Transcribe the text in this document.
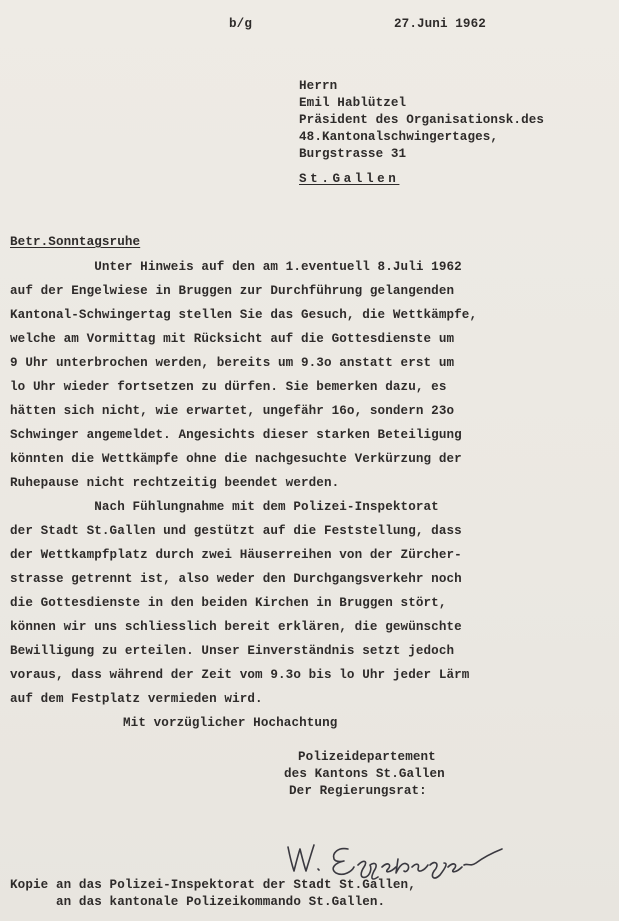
b/g	27.Juni 1962
Herrn
Emil Hablützel
Präsident des Organisationsk.des
48.Kantonalschwingertages,
Burgstrasse 31
St.Gallen
Betr.Sonntagsruhe
Unter Hinweis auf den am 1.eventuell 8.Juli 1962
auf der Engelwiese in Bruggen zur Durchführung gelangenden
Kantonal-Schwingertag stellen Sie das Gesuch, die Wettkämpfe,
welche am Vormittag mit Rücksicht auf die Gottesdienste um
9 Uhr unterbrochen werden, bereits um 9.3o anstatt erst um
lo Uhr wieder fortsetzen zu dürfen. Sie bemerken dazu, es
hätten sich nicht, wie erwartet, ungefähr 16o, sondern 23o
Schwinger angemeldet. Angesichts dieser starken Beteiligung
könnten die Wettkämpfe ohne die nachgesuchte Verkürzung der
Ruhepause nicht rechtzeitig beendet werden.
Nach Fühlungnahme mit dem Polizei-Inspektorat
der Stadt St.Gallen und gestützt auf die Feststellung, dass
der Wettkampfplatz durch zwei Häuserreihen von der Zürcher-
strasse getrennt ist, also weder den Durchgangsverkehr noch
die Gottesdienste in den beiden Kirchen in Bruggen stört,
können wir uns schliesslich bereit erklären, die gewünschte
Bewilligung zu erteilen. Unser Einverständnis setzt jedoch
voraus, dass während der Zeit vom 9.3o bis lo Uhr jeder Lärm
auf dem Festplatz vermieden wird.
Mit vorzüglicher Hochachtung
Polizeidepartement
des Kantons St.Gallen
Der Regierungsrat:
Kopie an das Polizei-Inspektorat der Stadt St.Gallen,
an das kantonale Polizeikommando St.Gallen.
